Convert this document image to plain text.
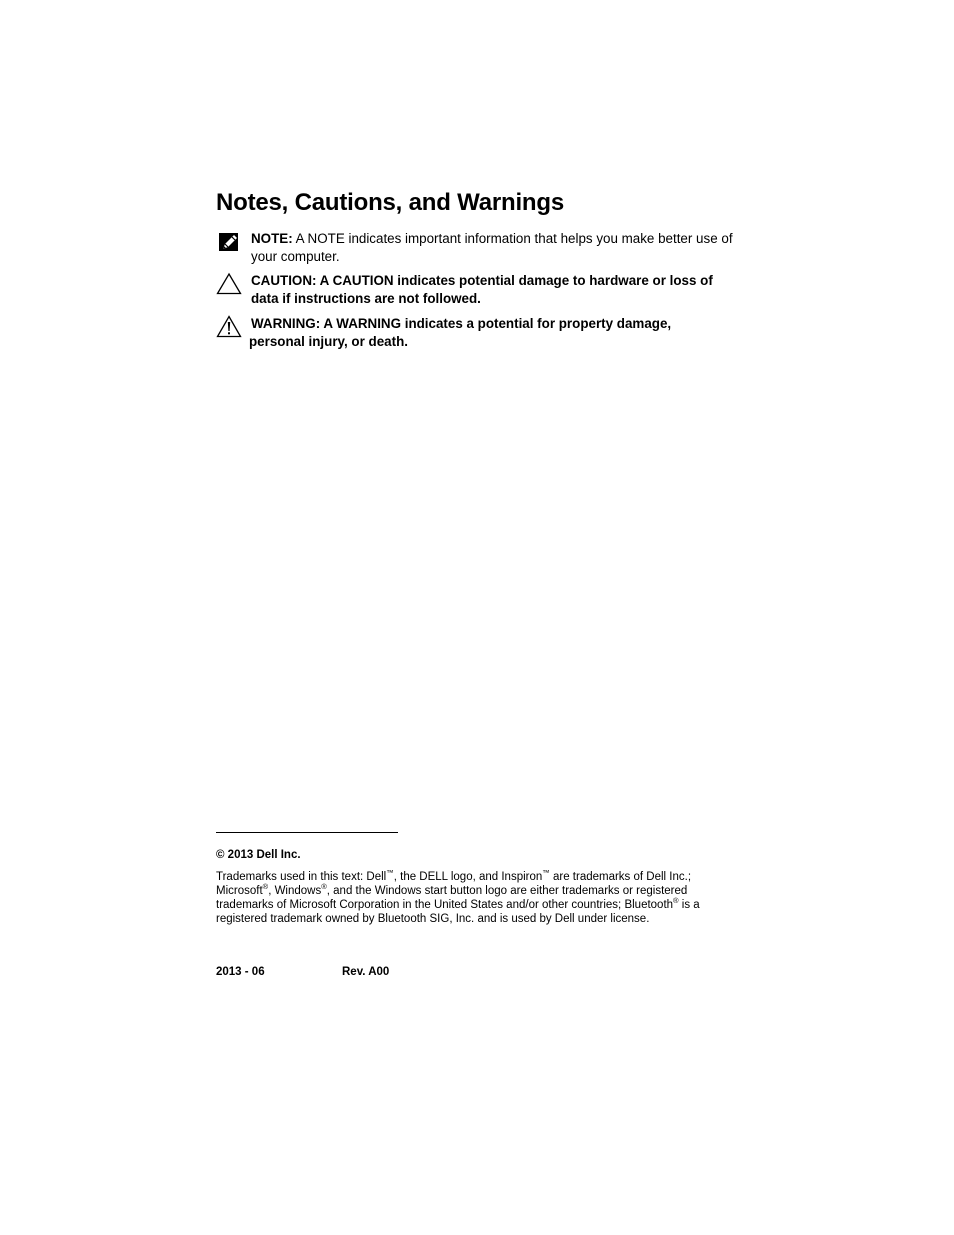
Notes, Cautions, and Warnings

NOTE: A NOTE indicates important information that helps you make better use of your computer.

CAUTION: A CAUTION indicates potential damage to hardware or loss of data if instructions are not followed.

WARNING: A WARNING indicates a potential for property damage,
personal injury, or death.

© 2013 Dell Inc.

Trademarks used in this text: Dell™, the DELL logo, and Inspiron™ are trademarks of Dell Inc.; Microsoft®, Windows®, and the Windows start button logo are either trademarks or registered trademarks of Microsoft Corporation in the United States and/or other countries; Bluetooth® is a registered trademark owned by Bluetooth SIG, Inc. and is used by Dell under license.

2013 - 06	Rev. A00
